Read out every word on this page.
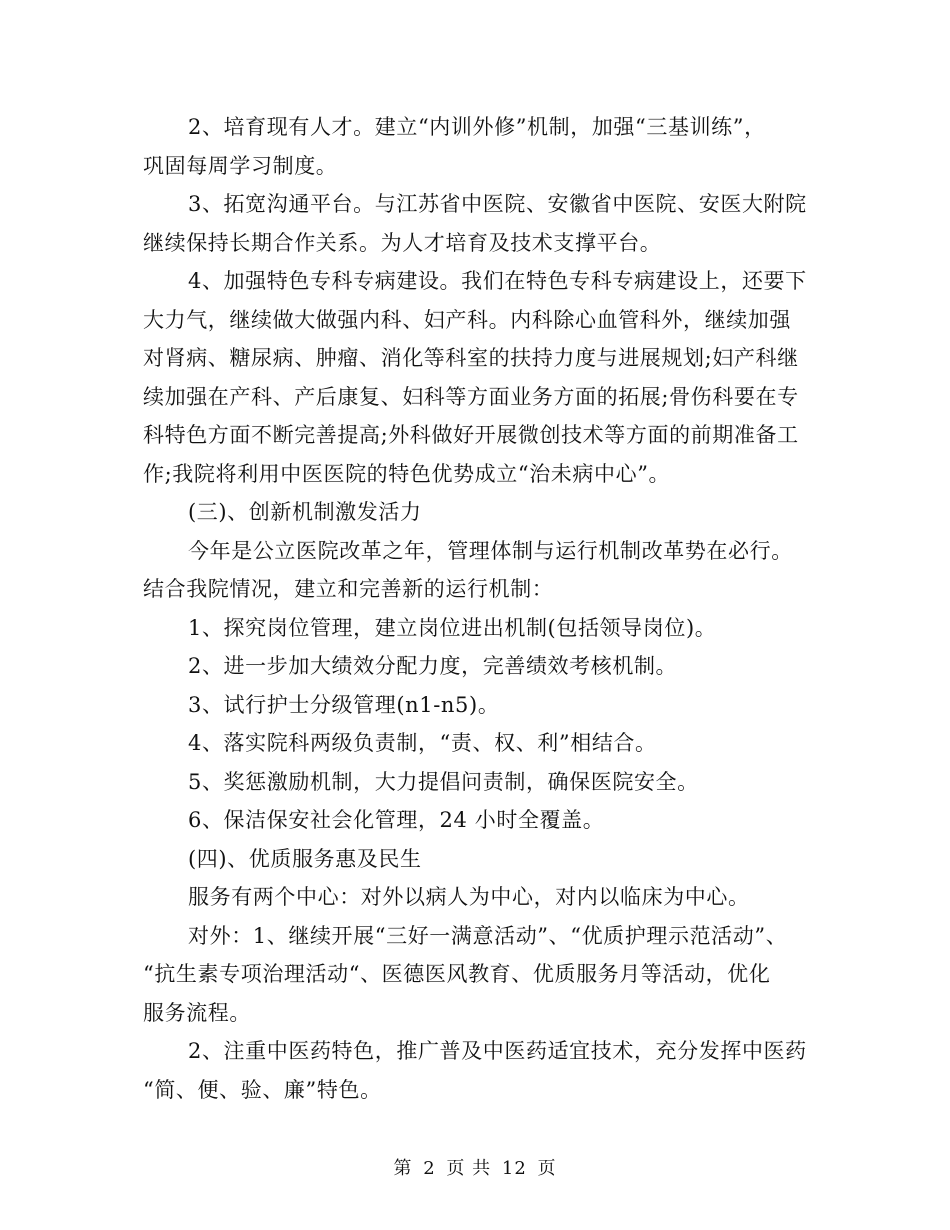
2、培育现有人才。建立“内训外修”机制，加强“三基训练”，
巩固每周学习制度。
3、拓宽沟通平台。与江苏省中医院、安徽省中医院、安医大附院
继续保持长期合作关系。为人才培育及技术支撑平台。
4、加强特色专科专病建设。我们在特色专科专病建设上，还要下
大力气，继续做大做强内科、妇产科。内科除心血管科外，继续加强
对肾病、糖尿病、肿瘤、消化等科室的扶持力度与进展规划;妇产科继
续加强在产科、产后康复、妇科等方面业务方面的拓展;骨伤科要在专
科特色方面不断完善提高;外科做好开展微创技术等方面的前期准备工
作;我院将利用中医医院的特色优势成立“治未病中心”。
(三)、创新机制激发活力
今年是公立医院改革之年，管理体制与运行机制改革势在必行。
结合我院情况，建立和完善新的运行机制：
1、探究岗位管理，建立岗位进出机制(包括领导岗位)。
2、进一步加大绩效分配力度，完善绩效考核机制。
3、试行护士分级管理(n1-n5)。
4、落实院科两级负责制，“责、权、利”相结合。
5、奖惩激励机制，大力提倡问责制，确保医院安全。
6、保洁保安社会化管理，24 小时全覆盖。
(四)、优质服务惠及民生
服务有两个中心：对外以病人为中心，对内以临床为中心。
对外：1、继续开展“三好一满意活动”、“优质护理示范活动”、
“抗生素专项治理活动“、医德医风教育、优质服务月等活动，优化
服务流程。
2、注重中医药特色，推广普及中医药适宜技术，充分发挥中医药
“简、便、验、廉”特色。
第 2 页 共 12 页
